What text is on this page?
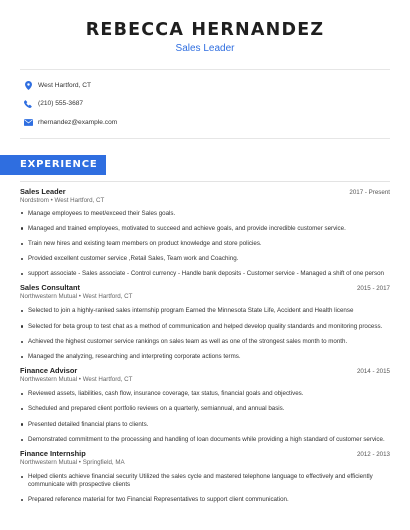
REBECCA HERNANDEZ
Sales Leader
West Hartford, CT
(210) 555-3687
rhernandez@example.com
EXPERIENCE
Sales Leader	2017 - Present
Nordstrom • West Hartford, CT
Manage employees to meet/exceed their Sales goals.
Managed and trained employees, motivated to succeed and achieve goals, and provide incredible customer service.
Train new hires and existing team members on product knowledge and store policies.
Provided excellent customer service ,Retail Sales, Team work and Coaching.
support associate - Sales associate - Control currency - Handle bank deposits - Customer service - Managed a shift of one person
Sales Consultant	2015 - 2017
Northwestern Mutual • West Hartford, CT
Selected to join a highly-ranked sales internship program Earned the Minnesota State Life, Accident and Health license
Selected for beta group to test chat as a method of communication and helped develop quality standards and monitoring process.
Achieved the highest customer service rankings on sales team as well as one of the strongest sales month to month.
Managed the analyzing, researching and interpreting corporate actions terms.
Finance Advisor	2014 - 2015
Northwestern Mutual • West Hartford, CT
Reviewed assets, liabilities, cash flow, insurance coverage, tax status, financial goals and objectives.
Scheduled and prepared client portfolio reviews on a quarterly, semiannual, and annual basis.
Presented detailed financial plans to clients.
Demonstrated commitment to the processing and handling of loan documents while providing a high standard of customer service.
Finance Internship	2012 - 2013
Northwestern Mutual • Springfield, MA
Helped clients achieve financial security Utilized the sales cycle and mastered telephone language to effectively and efficiently communicate with prospective clients
Prepared reference material for two Financial Representatives to support client communication.
